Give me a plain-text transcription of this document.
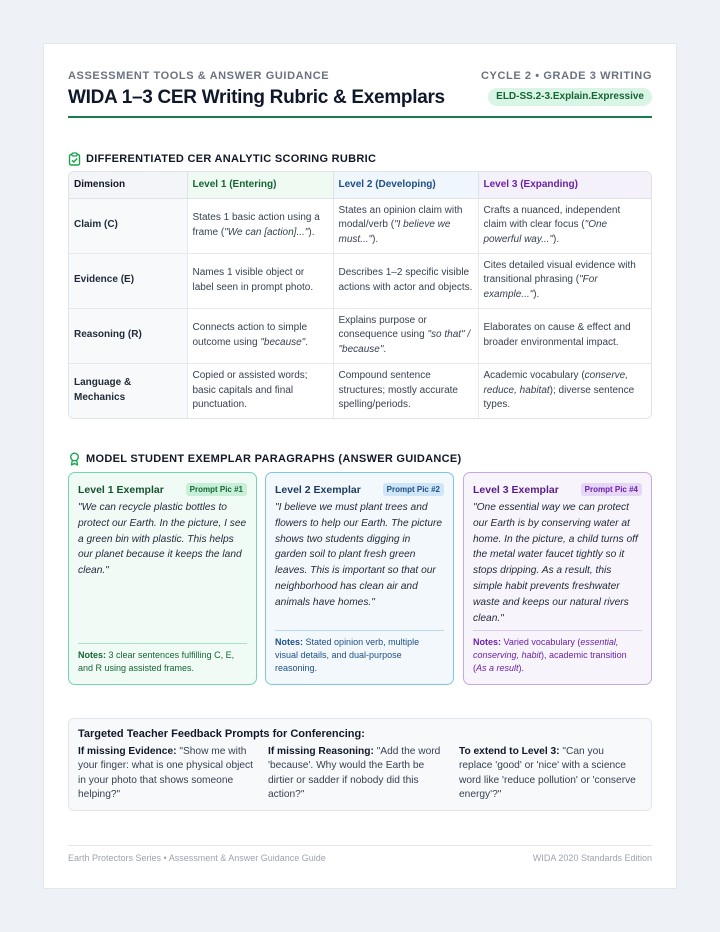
ASSESSMENT TOOLS & ANSWER GUIDANCE	CYCLE 2 • GRADE 3 WRITING
WIDA 1–3 CER Writing Rubric & Exemplars	ELD-SS.2-3.Explain.Expressive
DIFFERENTIATED CER ANALYTIC SCORING RUBRIC
Dimension	Level 1 (Entering)	Level 2 (Developing)	Level 3 (Expanding)
Claim (C)	States 1 basic action using a frame ("We can [action]...").	States an opinion claim with modal/verb ("I believe we must...").	Crafts a nuanced, independent claim with clear focus ("One powerful way...").
Evidence (E)	Names 1 visible object or label seen in prompt photo.	Describes 1–2 specific visible actions with actor and objects.	Cites detailed visual evidence with transitional phrasing ("For example...").
Reasoning (R)	Connects action to simple outcome using "because".	Explains purpose or consequence using "so that" / "because".	Elaborates on cause & effect and broader environmental impact.
Language & Mechanics	Copied or assisted words; basic capitals and final punctuation.	Compound sentence structures; mostly accurate spelling/periods.	Academic vocabulary (conserve, reduce, habitat); diverse sentence types.
MODEL STUDENT EXEMPLAR PARAGRAPHS (ANSWER GUIDANCE)
Level 1 Exemplar	Prompt Pic #1
"We can recycle plastic bottles to protect our Earth. In the picture, I see a green bin with plastic. This helps our planet because it keeps the land clean."
Notes: 3 clear sentences fulfilling C, E, and R using assisted frames.
Level 2 Exemplar	Prompt Pic #2
"I believe we must plant trees and flowers to help our Earth. The picture shows two students digging in garden soil to plant fresh green leaves. This is important so that our neighborhood has clean air and animals have homes."
Notes: Stated opinion verb, multiple visual details, and dual-purpose reasoning.
Level 3 Exemplar	Prompt Pic #4
"One essential way we can protect our Earth is by conserving water at home. In the picture, a child turns off the metal water faucet tightly so it stops dripping. As a result, this simple habit prevents freshwater waste and keeps our natural rivers clean."
Notes: Varied vocabulary (essential, conserving, habit), academic transition (As a result).
Targeted Teacher Feedback Prompts for Conferencing:
If missing Evidence: "Show me with your finger: what is one physical object in your photo that shows someone helping?"
If missing Reasoning: "Add the word 'because'. Why would the Earth be dirtier or sadder if nobody did this action?"
To extend to Level 3: "Can you replace 'good' or 'nice' with a science word like 'reduce pollution' or 'conserve energy'?"
Earth Protectors Series • Assessment & Answer Guidance Guide	WIDA 2020 Standards Edition
